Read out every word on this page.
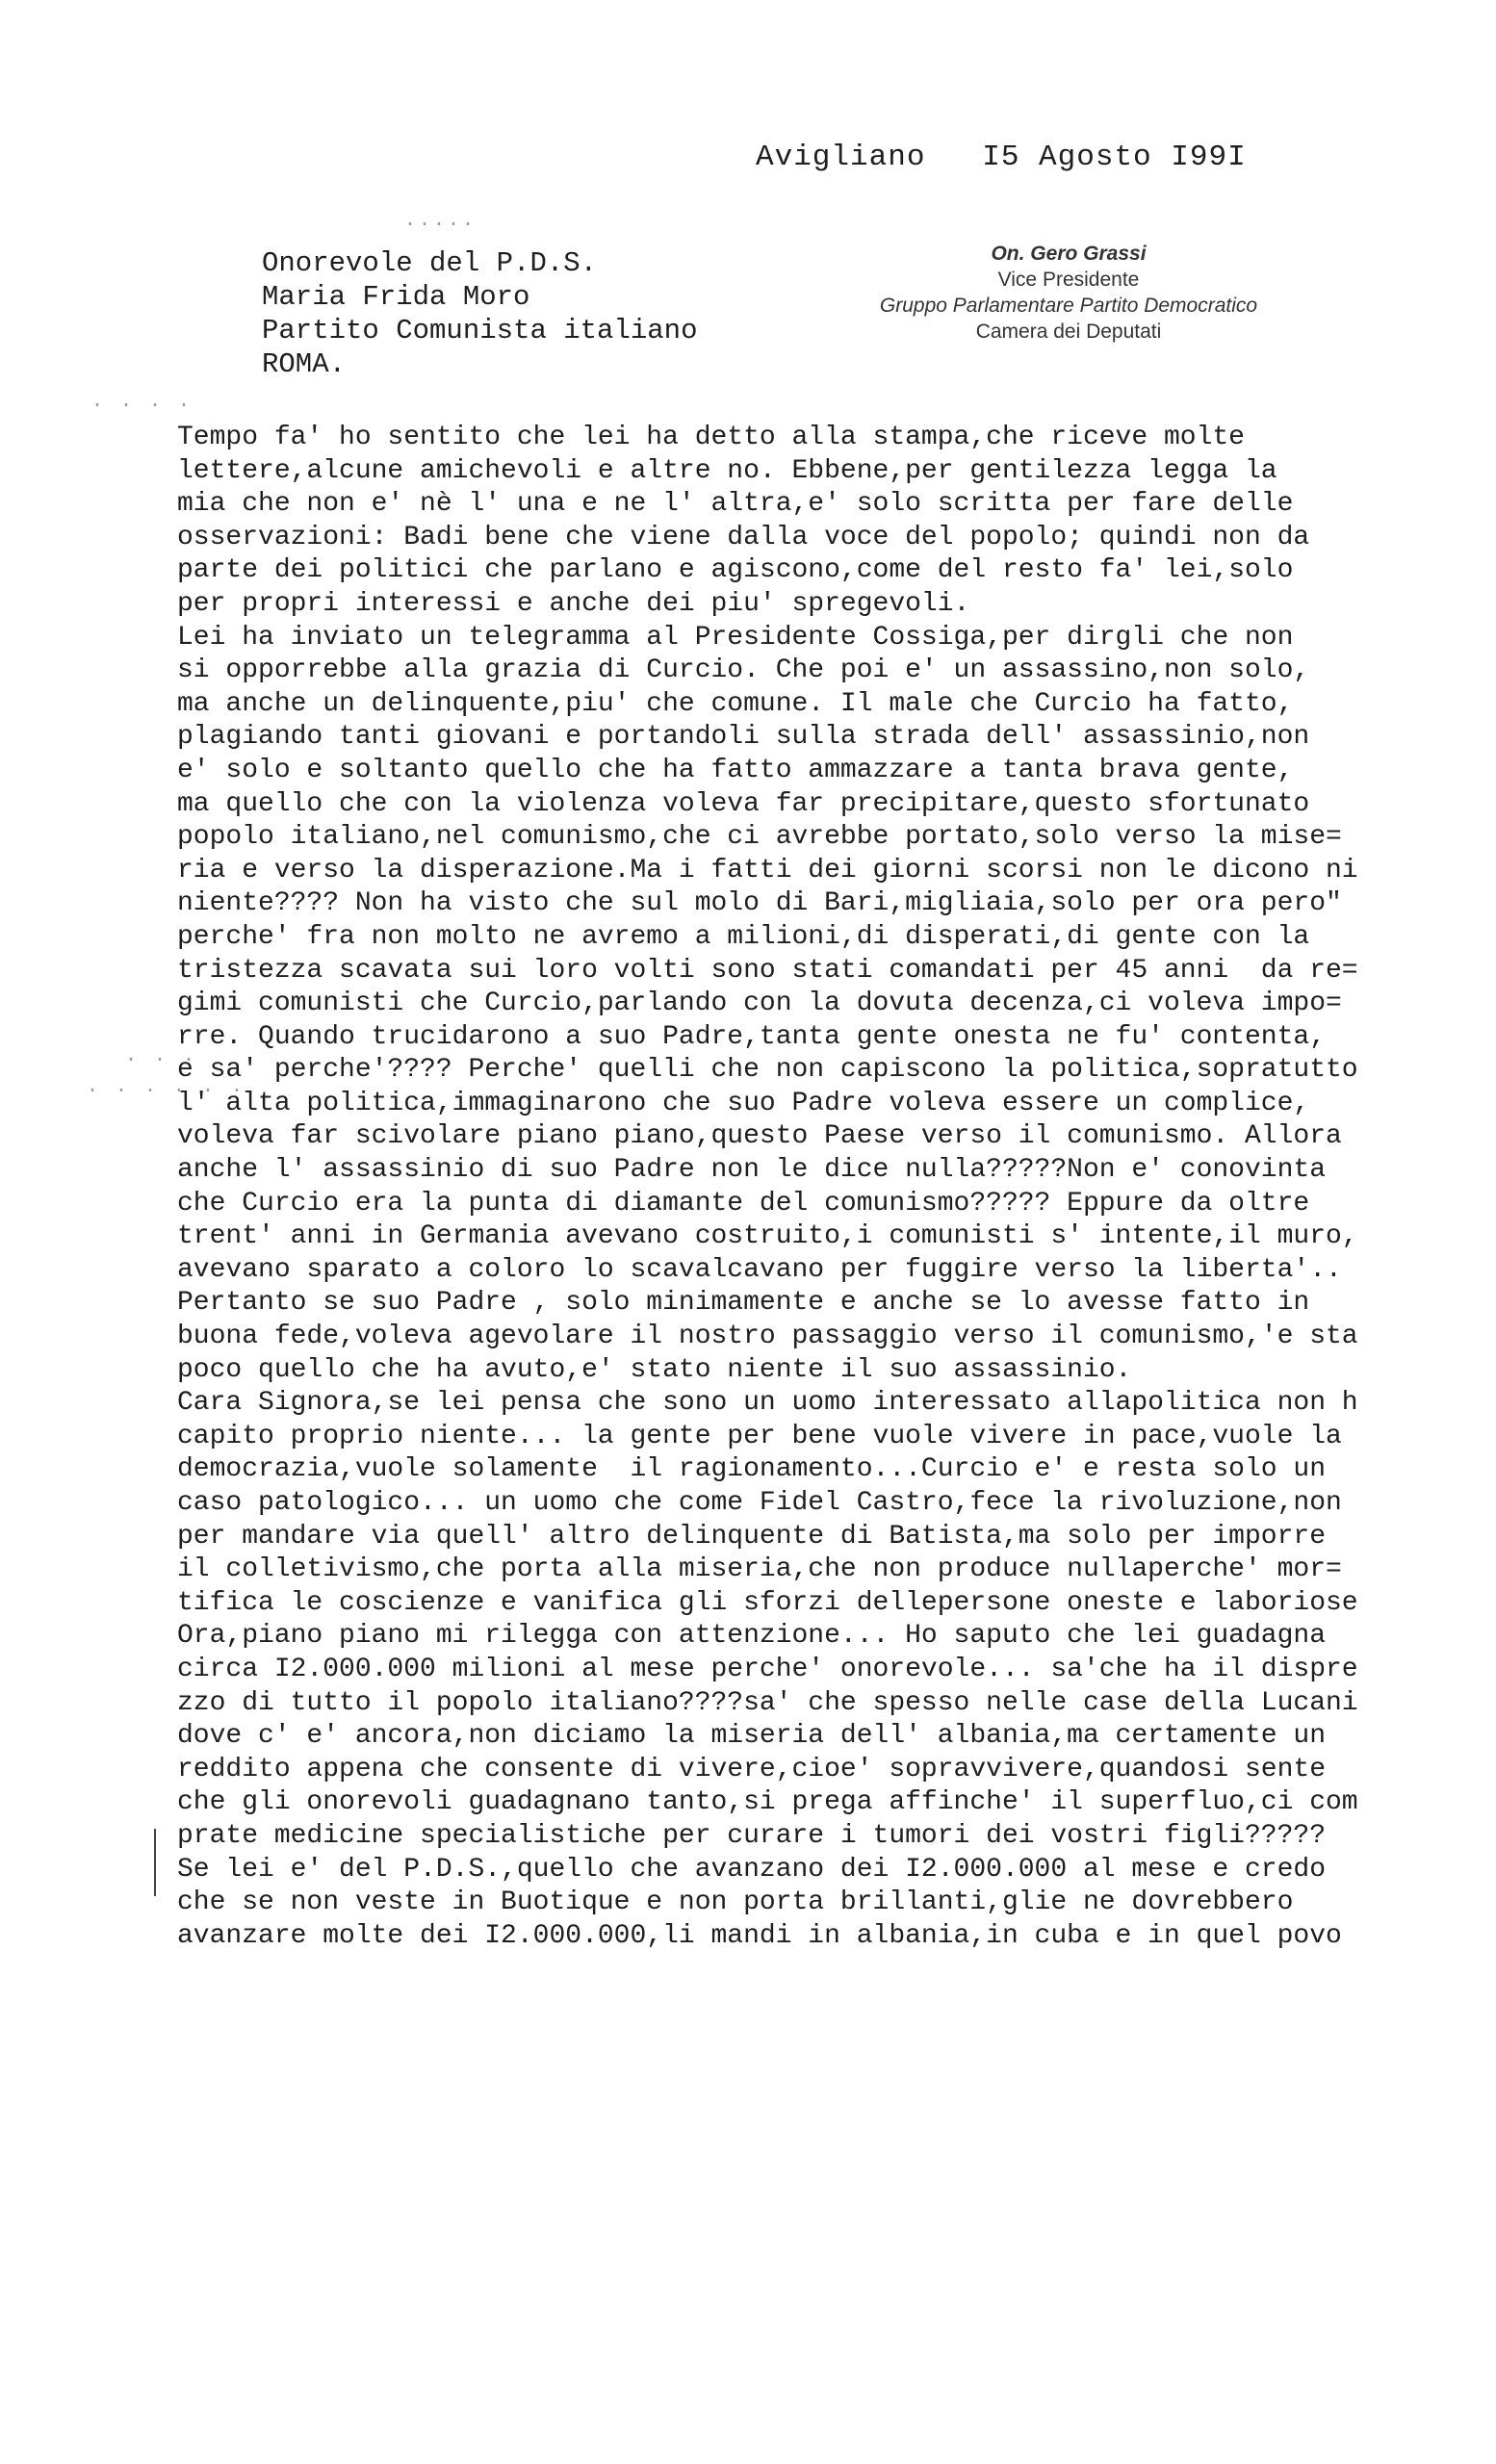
Avigliano   I5 Agosto I99I
·····
· · · ·
· · ·
· · · · · ·
Onorevole del P.D.S.
Maria Frida Moro
Partito Comunista italiano
ROMA.
On. Gero Grassi
Vice Presidente
Gruppo Parlamentare Partito Democratico
Camera dei Deputati
Tempo fa' ho sentito che lei ha detto alla stampa,che riceve molte
lettere,alcune amichevoli e altre no. Ebbene,per gentilezza legga la
mia che non e' nè l' una e ne l' altra,e' solo scritta per fare delle
osservazioni: Badi bene che viene dalla voce del popolo; quindi non da
parte dei politici che parlano e agiscono,come del resto fa' lei,solo
per propri interessi e anche dei piu' spregevoli.
Lei ha inviato un telegramma al Presidente Cossiga,per dirgli che non
si opporrebbe alla grazia di Curcio. Che poi e' un assassino,non solo,
ma anche un delinquente,piu' che comune. Il male che Curcio ha fatto,
plagiando tanti giovani e portandoli sulla strada dell' assassinio,non
e' solo e soltanto quello che ha fatto ammazzare a tanta brava gente,
ma quello che con la violenza voleva far precipitare,questo sfortunato
popolo italiano,nel comunismo,che ci avrebbe portato,solo verso la mise=
ria e verso la disperazione.Ma i fatti dei giorni scorsi non le dicono ni
niente???? Non ha visto che sul molo di Bari,migliaia,solo per ora pero"
perche' fra non molto ne avremo a milioni,di disperati,di gente con la
tristezza scavata sui loro volti sono stati comandati per 45 anni  da re=
gimi comunisti che Curcio,parlando con la dovuta decenza,ci voleva impo=
rre. Quando trucidarono a suo Padre,tanta gente onesta ne fu' contenta,
e sa' perche'???? Perche' quelli che non capiscono la politica,sopratutto
l' alta politica,immaginarono che suo Padre voleva essere un complice,
voleva far scivolare piano piano,questo Paese verso il comunismo. Allora
anche l' assassinio di suo Padre non le dice nulla?????Non e' conovinta
che Curcio era la punta di diamante del comunismo????? Eppure da oltre
trent' anni in Germania avevano costruito,i comunisti s' intente,il muro,
avevano sparato a coloro lo scavalcavano per fuggire verso la liberta'..
Pertanto se suo Padre , solo minimamente e anche se lo avesse fatto in
buona fede,voleva agevolare il nostro passaggio verso il comunismo,'e sta
poco quello che ha avuto,e' stato niente il suo assassinio.
Cara Signora,se lei pensa che sono un uomo interessato allapolitica non h
capito proprio niente... la gente per bene vuole vivere in pace,vuole la
democrazia,vuole solamente  il ragionamento...Curcio e' e resta solo un
caso patologico... un uomo che come Fidel Castro,fece la rivoluzione,non
per mandare via quell' altro delinquente di Batista,ma solo per imporre
il colletivismo,che porta alla miseria,che non produce nullaperche' mor=
tifica le coscienze e vanifica gli sforzi dellepersone oneste e laboriose
Ora,piano piano mi rilegga con attenzione... Ho saputo che lei guadagna
circa I2.000.000 milioni al mese perche' onorevole... sa'che ha il dispre
zzo di tutto il popolo italiano????sa' che spesso nelle case della Lucani
dove c' e' ancora,non diciamo la miseria dell' albania,ma certamente un
reddito appena che consente di vivere,cioe' sopravvivere,quandosi sente
che gli onorevoli guadagnano tanto,si prega affinche' il superfluo,ci com
prate medicine specialistiche per curare i tumori dei vostri figli?????
Se lei e' del P.D.S.,quello che avanzano dei I2.000.000 al mese e credo
che se non veste in Buotique e non porta brillanti,glie ne dovrebbero
avanzare molte dei I2.000.000,li mandi in albania,in cuba e in quel povo
